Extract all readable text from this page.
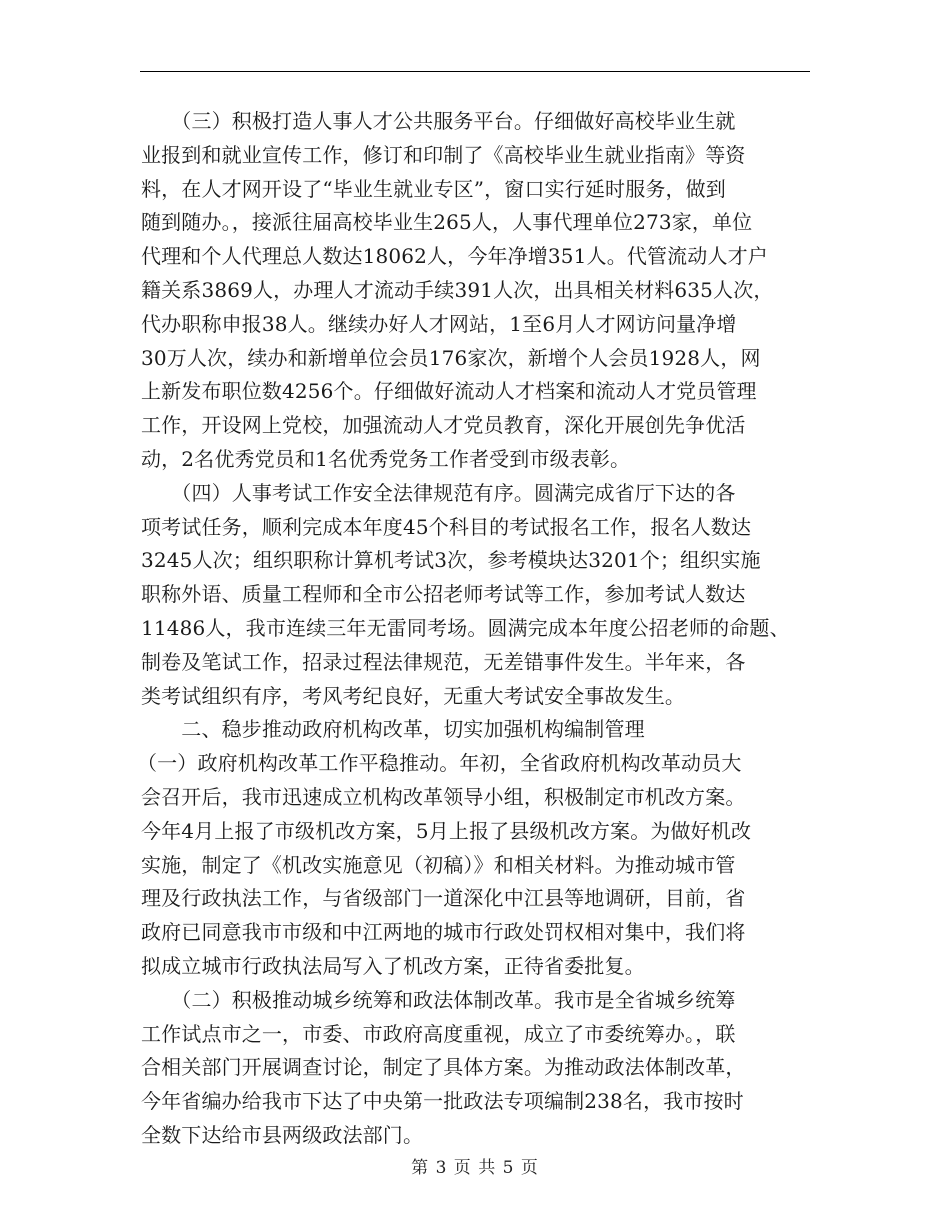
　　（三）积极打造人事人才公共服务平台。仔细做好高校毕业生就
业报到和就业宣传工作，修订和印制了《高校毕业生就业指南》等资
料，在人才网开设了“毕业生就业专区”，窗口实行延时服务，做到
随到随办。，接派往届高校毕业生265人，人事代理单位273家，单位
代理和个人代理总人数达18062人，今年净增351人。代管流动人才户
籍关系3869人，办理人才流动手续391人次，出具相关材料635人次，
代办职称申报38人。继续办好人才网站，1至6月人才网访问量净增
30万人次，续办和新增单位会员176家次，新增个人会员1928人，网
上新发布职位数4256个。仔细做好流动人才档案和流动人才党员管理
工作，开设网上党校，加强流动人才党员教育，深化开展创先争优活
动，2名优秀党员和1名优秀党务工作者受到市级表彰。
　　（四）人事考试工作安全法律规范有序。圆满完成省厅下达的各
项考试任务，顺利完成本年度45个科目的考试报名工作，报名人数达
3245人次；组织职称计算机考试3次，参考模块达3201个；组织实施
职称外语、质量工程师和全市公招老师考试等工作，参加考试人数达
11486人，我市连续三年无雷同考场。圆满完成本年度公招老师的命题、
制卷及笔试工作，招录过程法律规范，无差错事件发生。半年来，各
类考试组织有序，考风考纪良好，无重大考试安全事故发生。
　　二、稳步推动政府机构改革，切实加强机构编制管理
（一）政府机构改革工作平稳推动。年初，全省政府机构改革动员大
会召开后，我市迅速成立机构改革领导小组，积极制定市机改方案。
今年4月上报了市级机改方案，5月上报了县级机改方案。为做好机改
实施，制定了《机改实施意见（初稿）》和相关材料。为推动城市管
理及行政执法工作，与省级部门一道深化中江县等地调研，目前，省
政府已同意我市市级和中江两地的城市行政处罚权相对集中，我们将
拟成立城市行政执法局写入了机改方案，正待省委批复。
　　（二）积极推动城乡统筹和政法体制改革。我市是全省城乡统筹
工作试点市之一，市委、市政府高度重视，成立了市委统筹办。，联
合相关部门开展调查讨论，制定了具体方案。为推动政法体制改革，
今年省编办给我市下达了中央第一批政法专项编制238名，我市按时
全数下达给市县两级政法部门。
第 3 页 共 5 页
